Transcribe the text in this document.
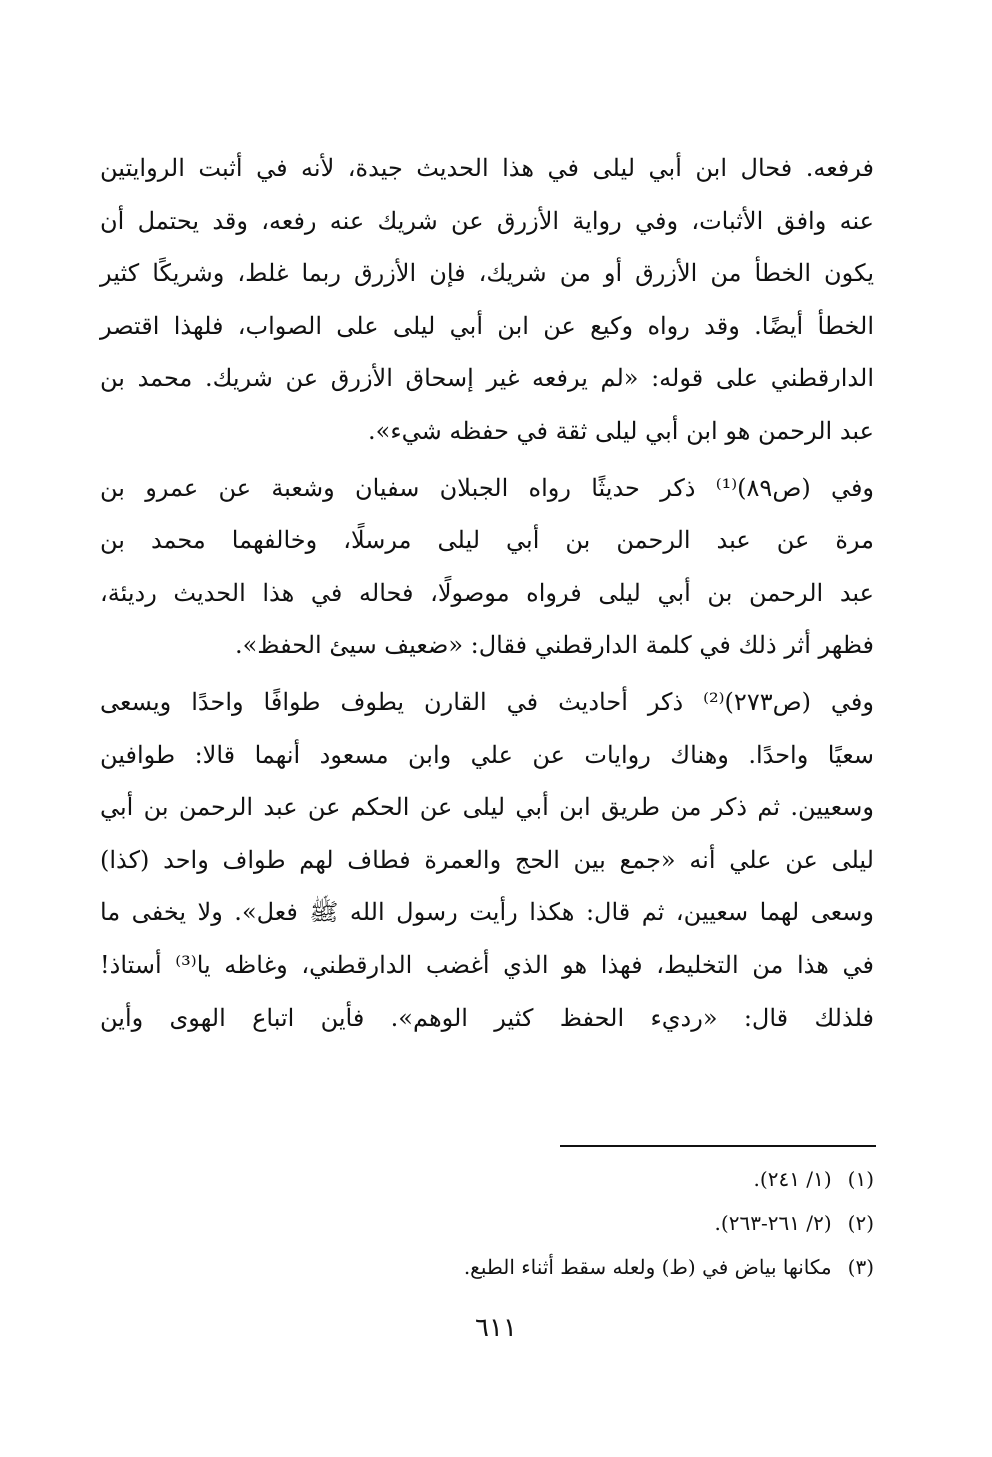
فرفعه. فحال ابن أبي ليلى في هذا الحديث جيدة، لأنه في أثبت الروايتين
عنه وافق الأثبات، وفي رواية الأزرق عن شريك عنه رفعه، وقد يحتمل أن
يكون الخطأ من الأزرق أو من شريك، فإن الأزرق ربما غلط، وشريكًا كثير
الخطأ أيضًا. وقد رواه وكيع عن ابن أبي ليلى على الصواب، فلهذا اقتصر
الدارقطني على قوله: «لم يرفعه غير إسحاق الأزرق عن شريك. محمد بن
عبد الرحمن هو ابن أبي ليلى ثقة في حفظه شيء».

وفي (ص٨٩)⁽¹⁾ ذكر حديثًا رواه الجبلان سفيان وشعبة عن عمرو بن
مرة عن عبد الرحمن بن أبي ليلى مرسلًا، وخالفهما محمد بن
عبد الرحمن بن أبي ليلى فرواه موصولًا، فحاله في هذا الحديث رديئة،
فظهر أثر ذلك في كلمة الدارقطني فقال: «ضعيف سيئ الحفظ».

وفي (ص٢٧٣)⁽²⁾ ذكر أحاديث في القارن يطوف طوافًا واحدًا ويسعى
سعيًا واحدًا. وهناك روايات عن علي وابن مسعود أنهما قالا: طوافين
وسعيين. ثم ذكر من طريق ابن أبي ليلى عن الحكم عن عبد الرحمن بن أبي
ليلى عن علي أنه «جمع بين الحج والعمرة فطاف لهم طواف واحد (كذا)
وسعى لهما سعيين، ثم قال: هكذا رأيت رسول الله ﷺ فعل». ولا يخفى ما
في هذا من التخليط، فهذا هو الذي أغضب الدارقطني، وغاظه يا⁽³⁾ أستاذ!
فلذلك قال: «رديء الحفظ كثير الوهم». فأين اتباع الهوى وأين

(١)(١/ ٢٤١).
(٢)(٢/ ٢٦١-٢٦٣).
(٣)مكانها بياض في (ط) ولعله سقط أثناء الطبع.
٦١١
